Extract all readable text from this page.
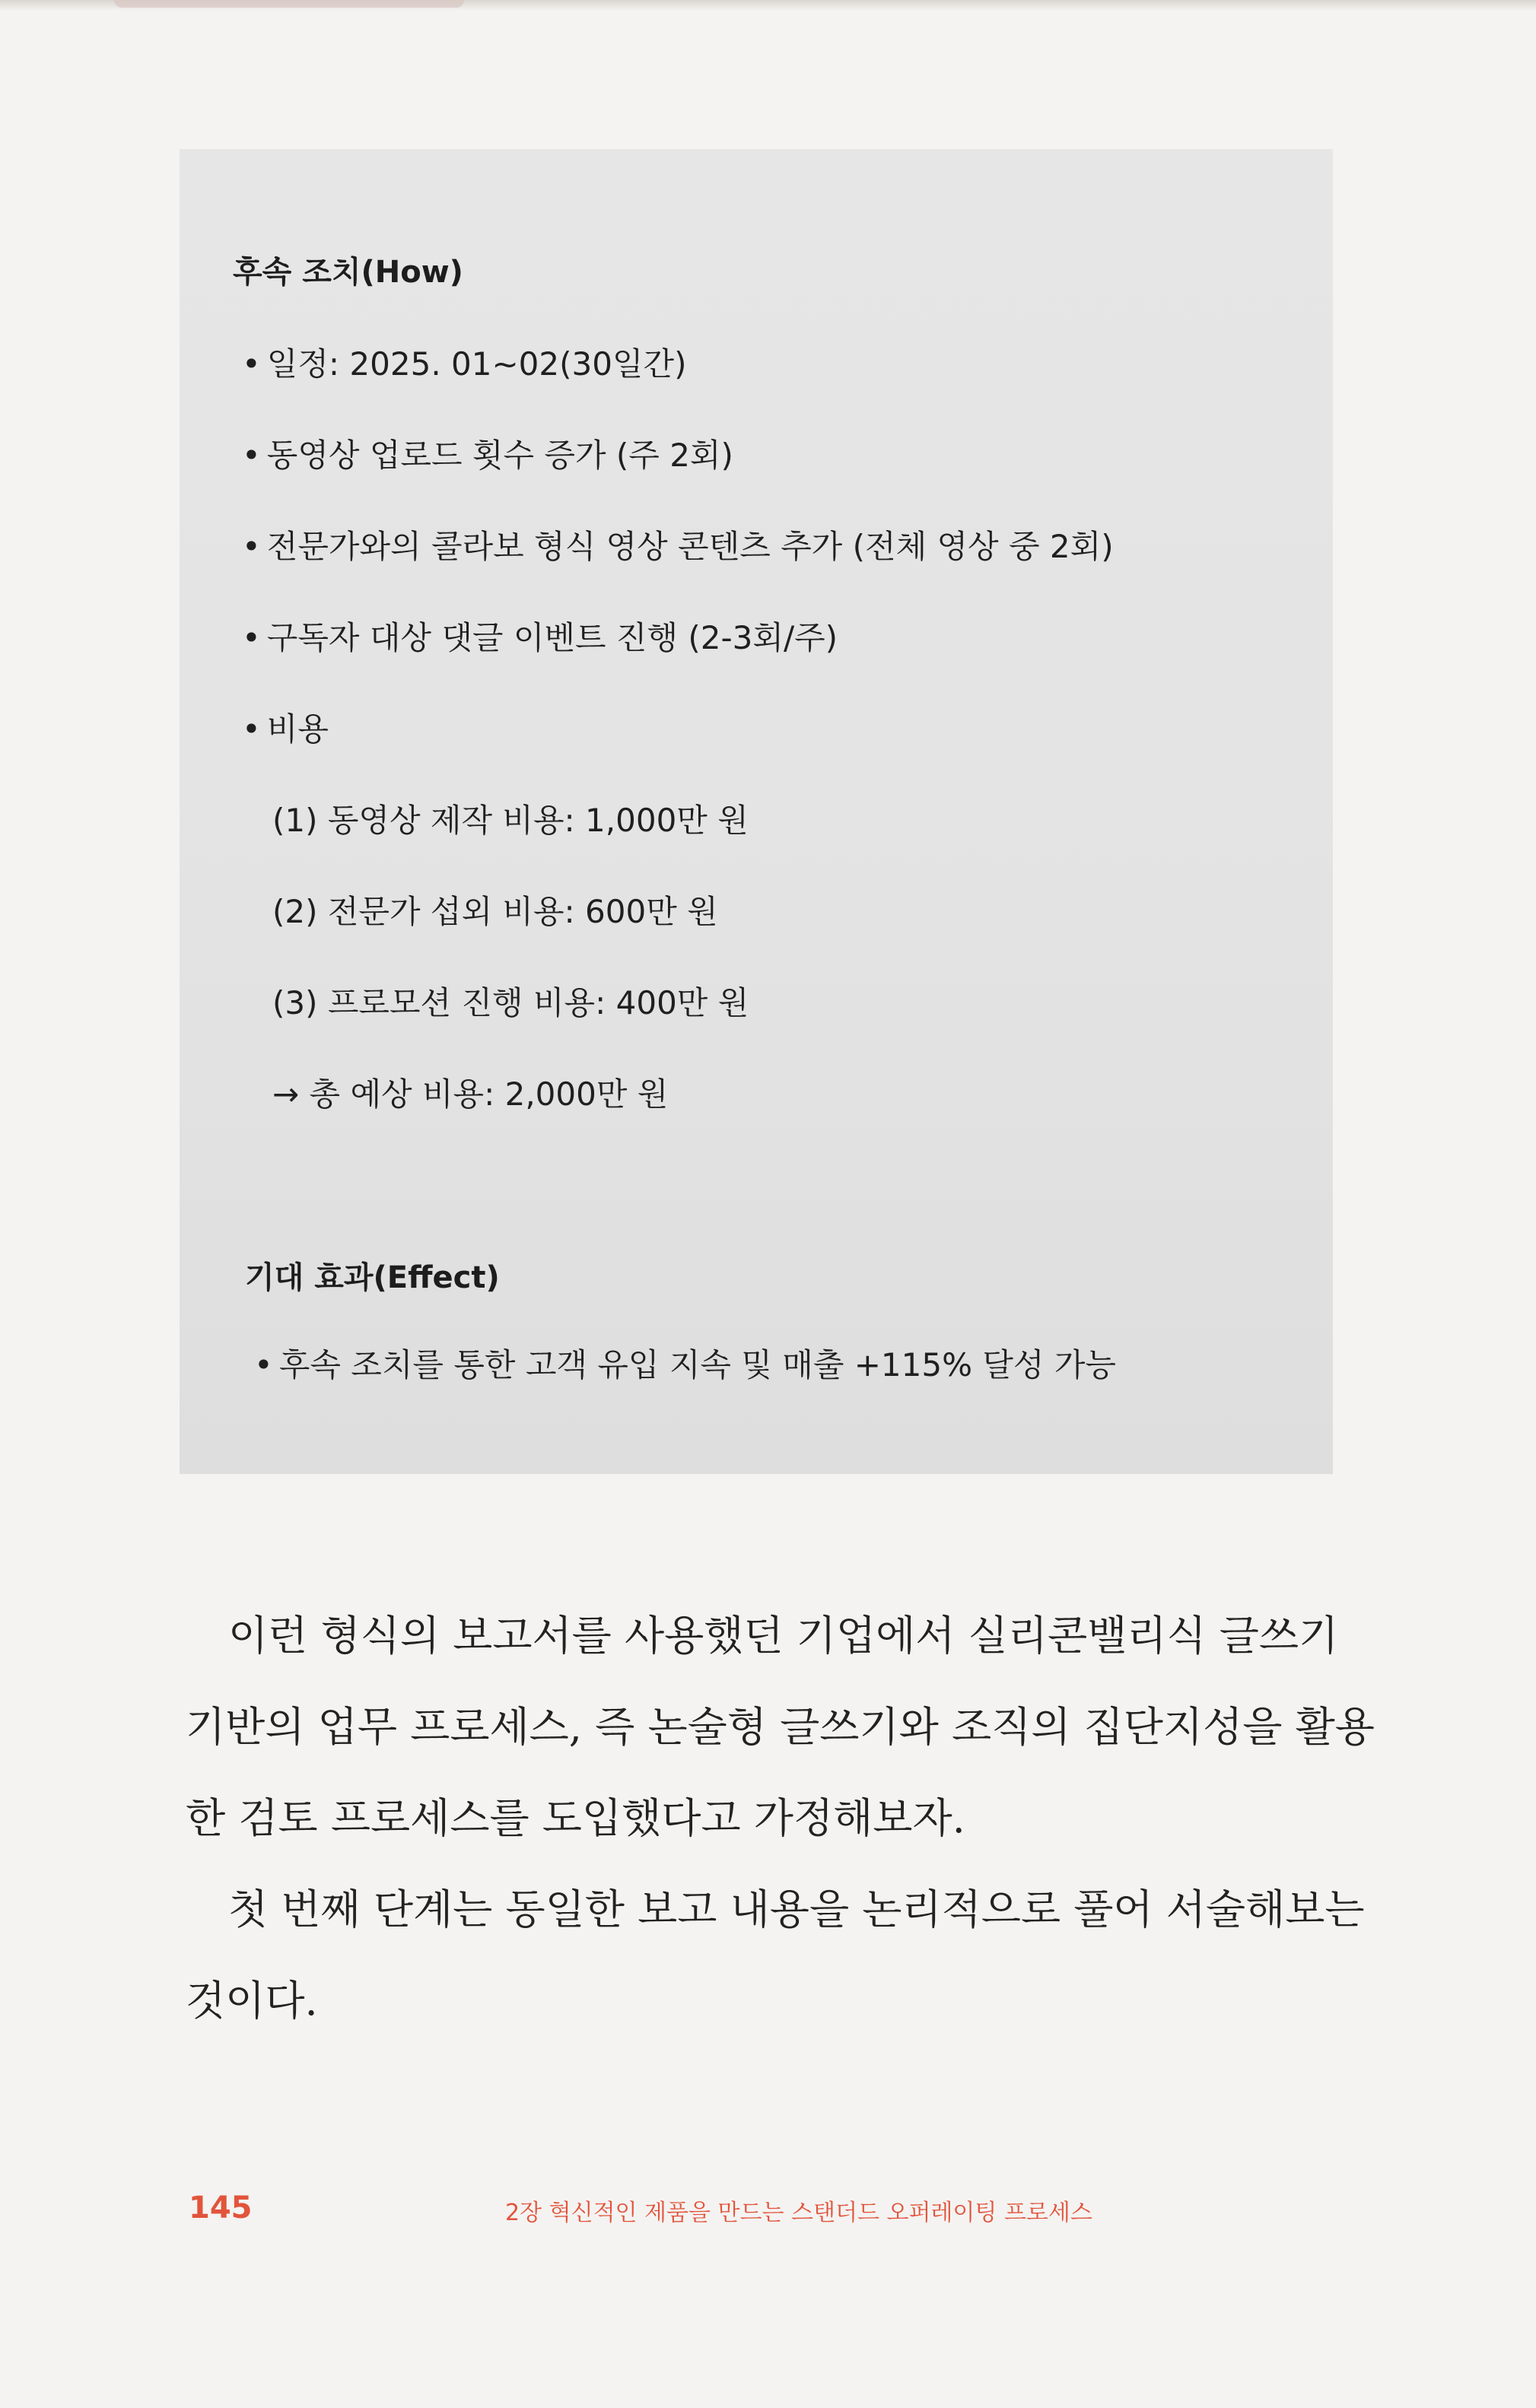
후속 조치(How)
• 일정: 2025. 01~02(30일간)
• 동영상 업로드 횟수 증가 (주 2회)
• 전문가와의 콜라보 형식 영상 콘텐츠 추가 (전체 영상 중 2회)
• 구독자 대상 댓글 이벤트 진행 (2-3회/주)
• 비용
(1) 동영상 제작 비용: 1,000만 원
(2) 전문가 섭외 비용: 600만 원
(3) 프로모션 진행 비용: 400만 원
→ 총 예상 비용: 2,000만 원
기대 효과(Effect)
• 후속 조치를 통한 고객 유입 지속 및 매출 +115% 달성 가능
이런 형식의 보고서를 사용했던 기업에서 실리콘밸리식 글쓰기
기반의 업무 프로세스, 즉 논술형 글쓰기와 조직의 집단지성을 활용
한 검토 프로세스를 도입했다고 가정해보자.
첫 번째 단계는 동일한 보고 내용을 논리적으로 풀어 서술해보는
것이다.
145	2장 혁신적인 제품을 만드는 스탠더드 오퍼레이팅 프로세스
